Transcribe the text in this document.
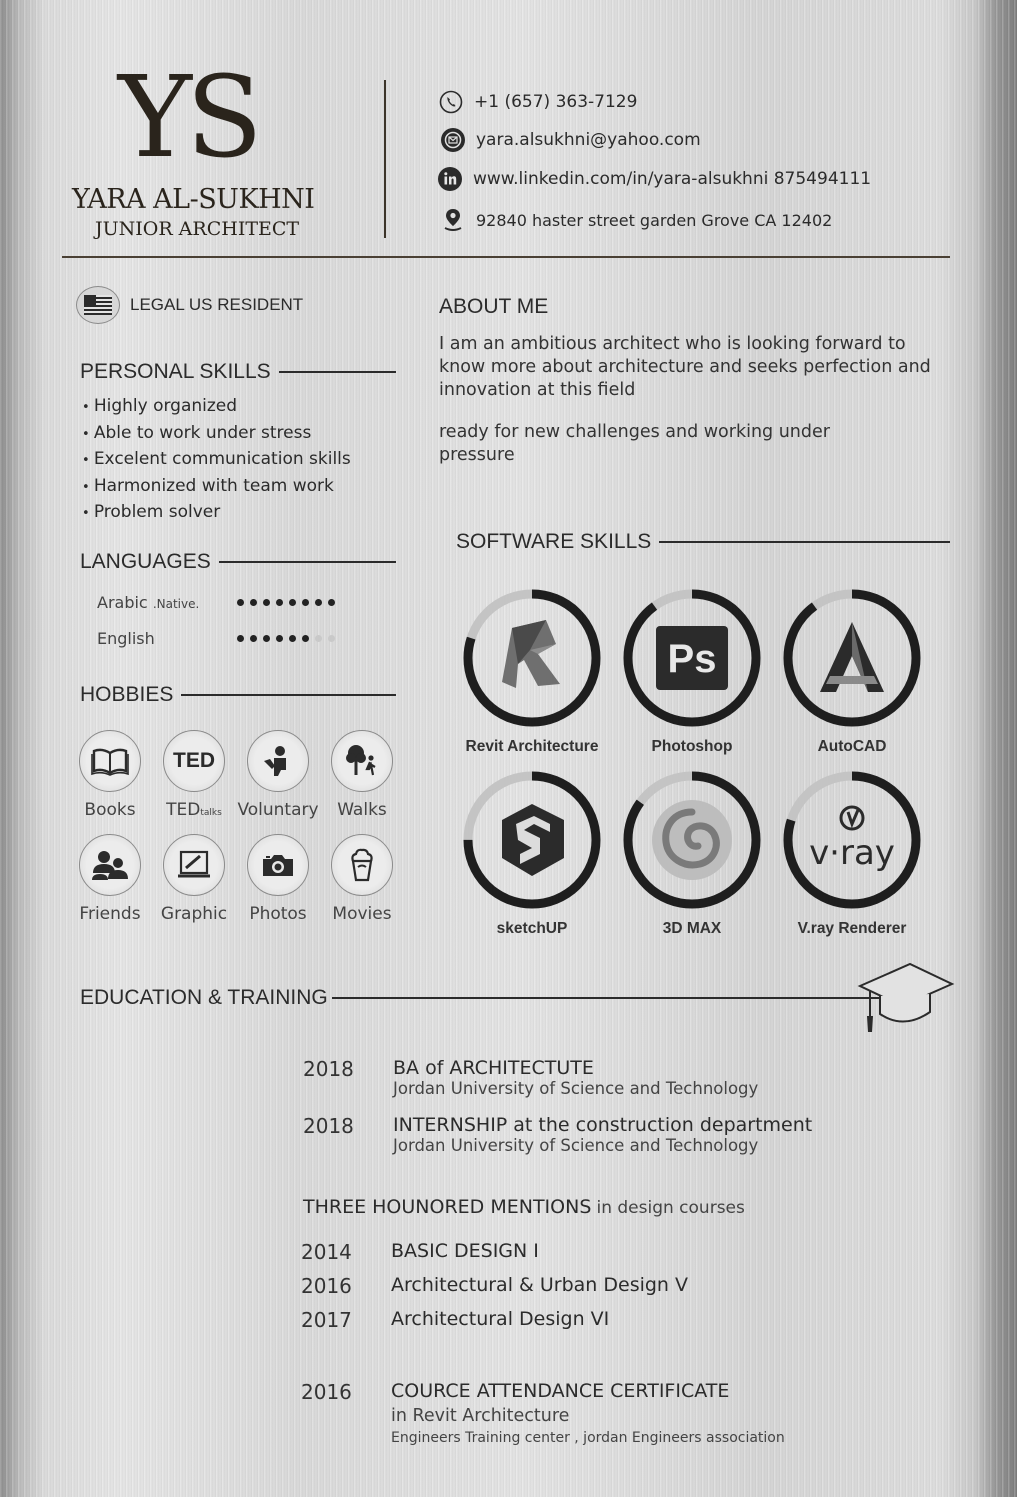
YS
YARA AL-SUKHNI
JUNIOR ARCHITECT
+1 (657) 363-7129
yara.alsukhni@yahoo.com
www.linkedin.com/in/yara-alsukhni 875494111
92840 haster street garden Grove CA 12402
LEGAL US RESIDENT
PERSONAL SKILLS
• Highly organized
• Able to work under stress
• Excelent communication skills
• Harmonized with team work
• Problem solver
LANGUAGES
Arabic .Native.
English
HOBBIES
Books
TED
TEDtalks Voluntary Walks
Friends Graphic Photos Movies
ABOUT ME
I am an ambitious architect who is looking forward to know more about architecture and seeks perfection and innovation at this field
ready for new challenges and working under pressure
SOFTWARE SKILLS
Revit Architecture
Ps
Photoshop	AutoCAD
sketchUP	3D MAX
v·ray
V.ray Renderer
EDUCATION & TRAINING
2018	BA of ARCHITECTUTE
Jordan University of Science and Technology
2018	INTERNSHIP at the construction department
Jordan University of Science and Technology
THREE HOUNORED MENTIONS in design courses
2014	BASIC DESIGN I
2016	Architectural & Urban Design V
2017	Architectural Design VI
2016	COURCE ATTENDANCE CERTIFICATE
in Revit Architecture
Engineers Training center , jordan Engineers association
